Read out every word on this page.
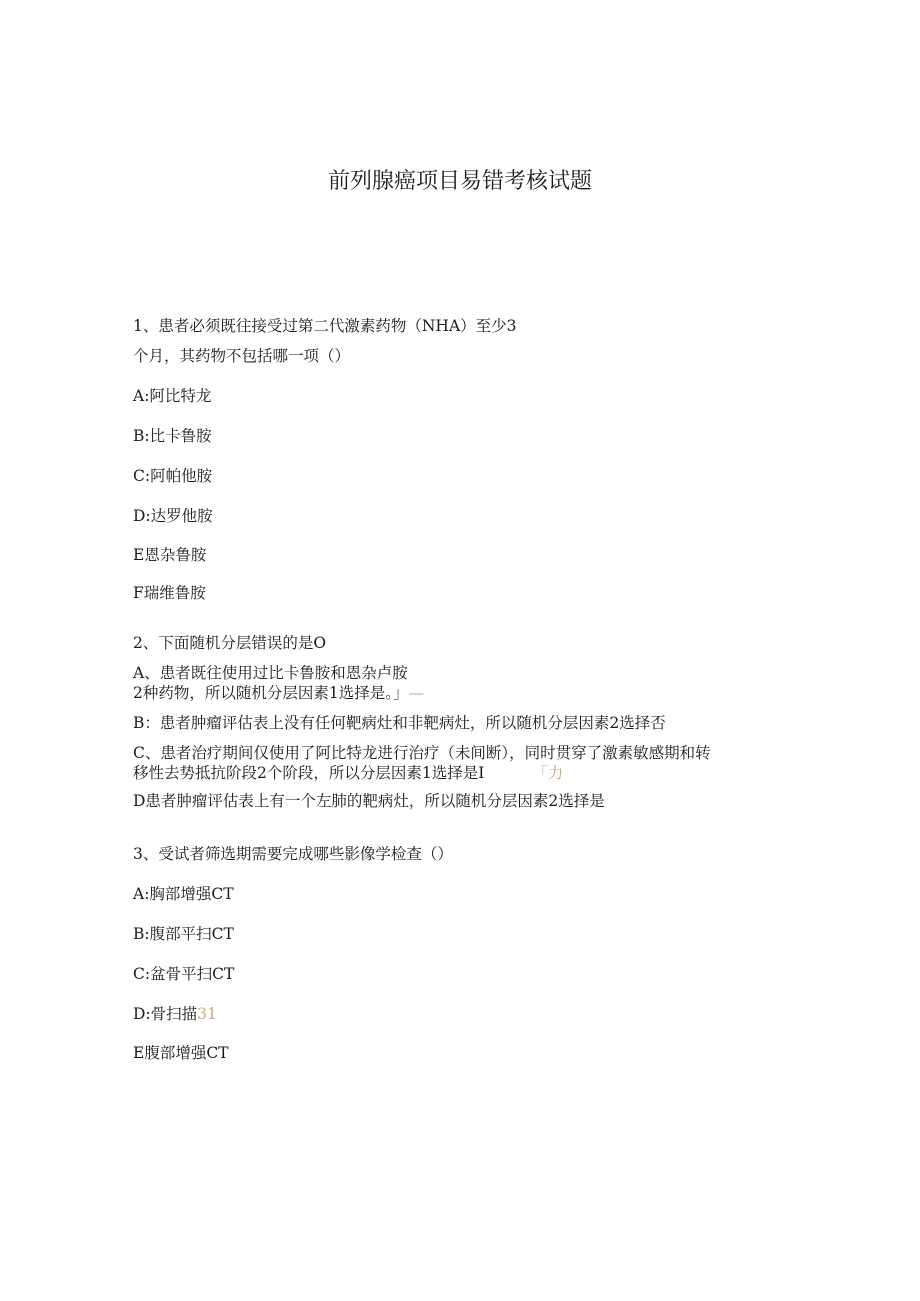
前列腺癌项目易错考核试题
1、患者必须既往接受过第二代激素药物（NHA）至少3
个月，其药物不包括哪一项（）
A:阿比特龙
B:比卡鲁胺
C:阿帕他胺
D:达罗他胺
E恩杂鲁胺
F瑞维鲁胺
2、下面随机分层错误的是O
A、患者既往使用过比卡鲁胺和恩杂卢胺
2种药物，所以随机分层因素1选择是。」—
B：患者肿瘤评估表上没有任何靶病灶和非靶病灶，所以随机分层因素2选择否
C、患者治疗期间仅使用了阿比特龙进行治疗（未间断），同时贯穿了激素敏感期和转
移性去势抵抗阶段2个阶段，所以分层因素1选择是I	「力
D患者肿瘤评估表上有一个左肺的靶病灶，所以随机分层因素2选择是
3、受试者筛选期需要完成哪些影像学检查（）
A:胸部增强CT
B:腹部平扫CT
C:盆骨平扫CT
D:骨扫描31
E腹部增强CT
